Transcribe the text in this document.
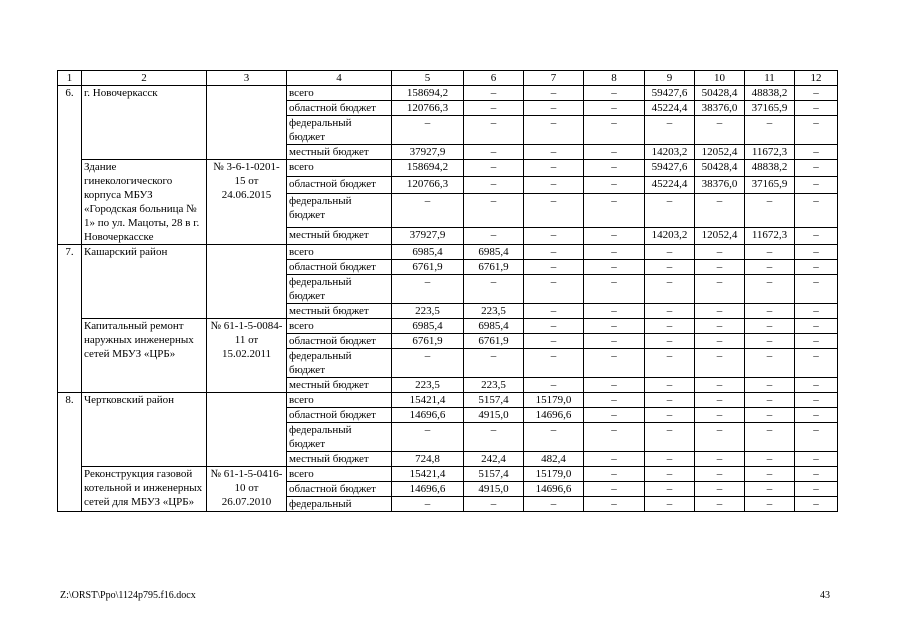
1	2	3	4	5	6	7	8	9	10	11	12
6.	г. Новочеркасск		всего	158694,2	–	–	–	59427,6	50428,4	48838,2	–
			областной бюджет	120766,3	–	–	–	45224,4	38376,0	37165,9	–
			федеральный бюджет	–	–	–	–	–	–	–	–
			местный бюджет	37927,9	–	–	–	14203,2	12052,4	11672,3	–
	Здание гинекологического корпуса МБУЗ «Городская больница № 1» по ул. Мацоты, 28 в г. Новочеркасске	№ 3-6-1-0201-15 от 24.06.2015	всего	158694,2	–	–	–	59427,6	50428,4	48838,2	–
			областной бюджет	120766,3	–	–	–	45224,4	38376,0	37165,9	–
			федеральный бюджет	–	–	–	–	–	–	–	–
			местный бюджет	37927,9	–	–	–	14203,2	12052,4	11672,3	–
7.	Кашарский район		всего	6985,4	6985,4	–	–	–	–	–	–
			областной бюджет	6761,9	6761,9	–	–	–	–	–	–
			федеральный бюджет	–	–	–	–	–	–	–	–
			местный бюджет	223,5	223,5	–	–	–	–	–	–
	Капитальный ремонт наружных инженерных сетей МБУЗ «ЦРБ»	№ 61-1-5-0084-11 от 15.02.2011	всего	6985,4	6985,4	–	–	–	–	–	–
			областной бюджет	6761,9	6761,9	–	–	–	–	–	–
			федеральный бюджет	–	–	–	–	–	–	–	–
			местный бюджет	223,5	223,5	–	–	–	–	–	–
8.	Чертковский район		всего	15421,4	5157,4	15179,0	–	–	–	–	–
			областной бюджет	14696,6	4915,0	14696,6	–	–	–	–	–
			федеральный бюджет	–	–	–	–	–	–	–	–
			местный бюджет	724,8	242,4	482,4	–	–	–	–	–
	Реконструкция газовой котельной и инженерных сетей для МБУЗ «ЦРБ»	№ 61-1-5-0416-10 от 26.07.2010	всего	15421,4	5157,4	15179,0	–	–	–	–	–
			областной бюджет	14696,6	4915,0	14696,6	–	–	–	–	–
			федеральный	–	–	–	–	–	–	–	–
Z:\ORST\Ppo\1124p795.f16.docx	43
